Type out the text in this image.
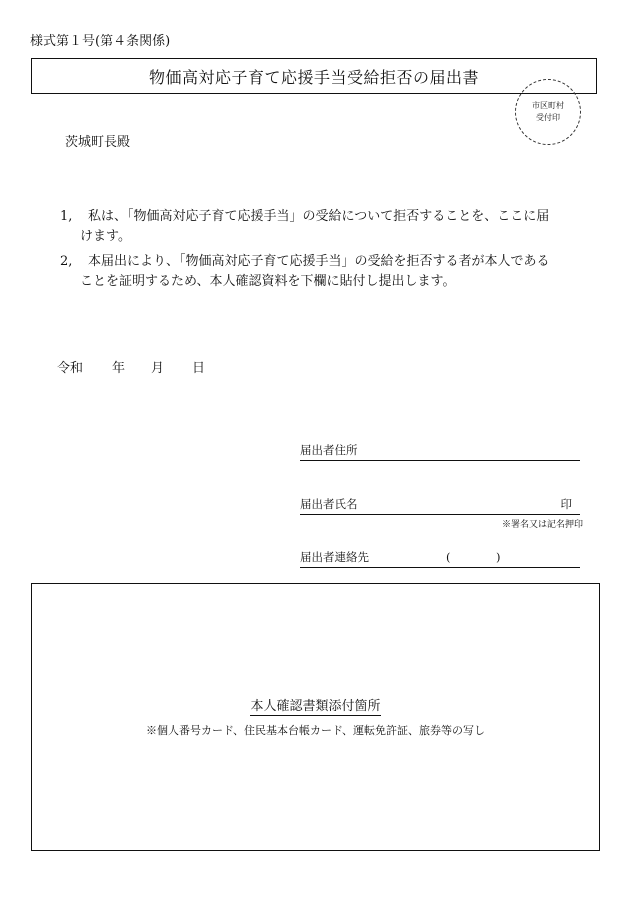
様式第１号(第４条関係)
物価高対応子育て応援手当受給拒否の届出書
市区町村
受付印
茨城町長殿
1, 私は、「物価高対応子育て応援手当」の受給について拒否することを、ここに届
けます。
2, 本届出により、「物価高対応子育て応援手当」の受給を拒否する者が本人である
ことを証明するため、本人確認資料を下欄に貼付し提出します。
令和	年	月	日
届出者住所
届出者氏名	印
※署名又は記名押印
届出者連絡先	(	)
本人確認書類添付箇所
※個人番号カード、住民基本台帳カード、運転免許証、旅券等の写し
